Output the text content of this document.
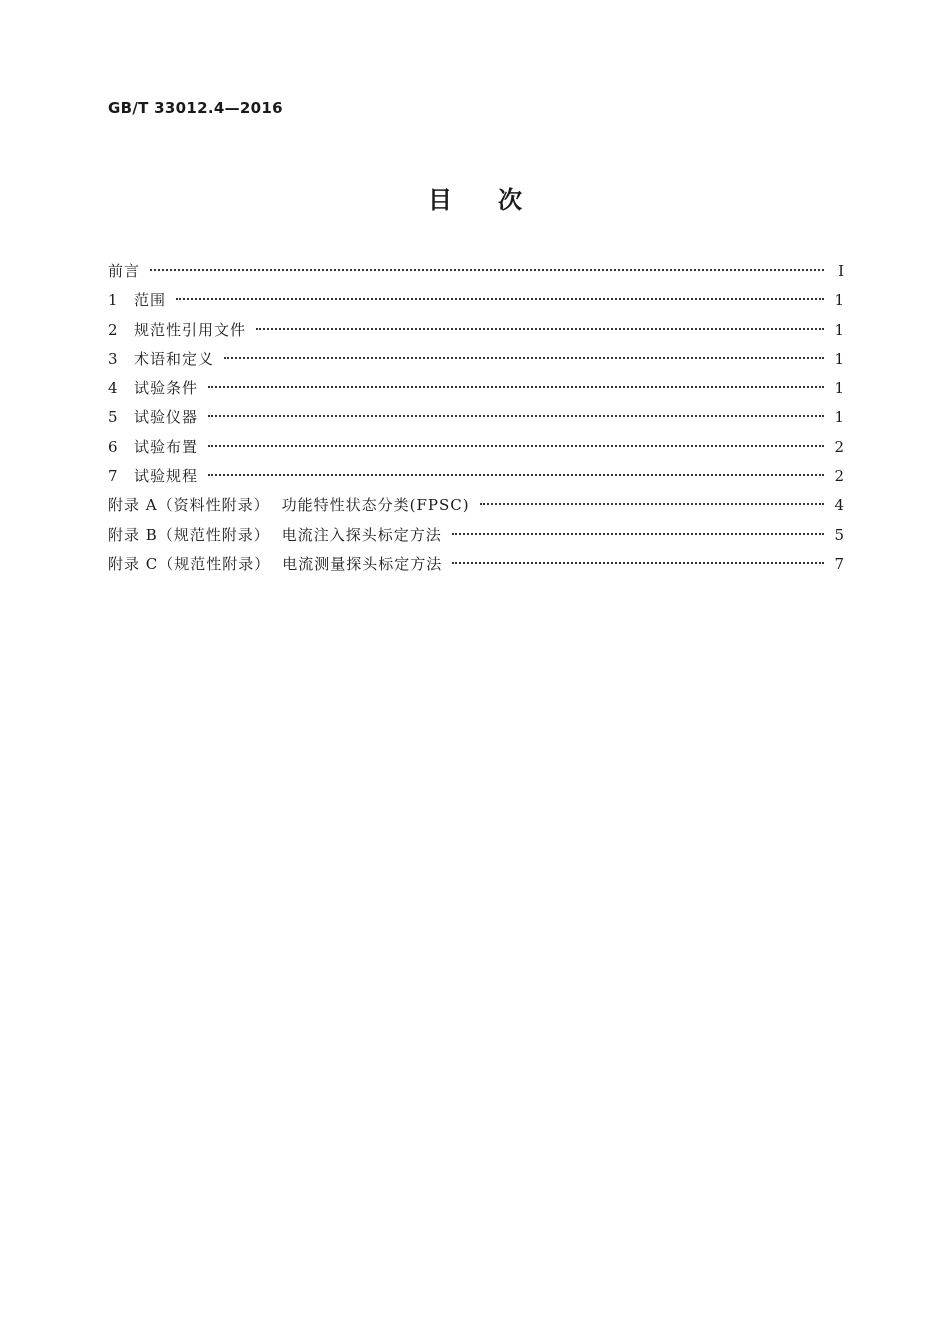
GB/T 33012.4—2016
目 次
前言	Ⅰ
1	范围	1
2	规范性引用文件	1
3	术语和定义	1
4	试验条件	1
5	试验仪器	1
6	试验布置	2
7	试验规程	2
附录 A（资料性附录） 功能特性状态分类(FPSC)	4
附录 B（规范性附录） 电流注入探头标定方法	5
附录 C（规范性附录） 电流测量探头标定方法	7
